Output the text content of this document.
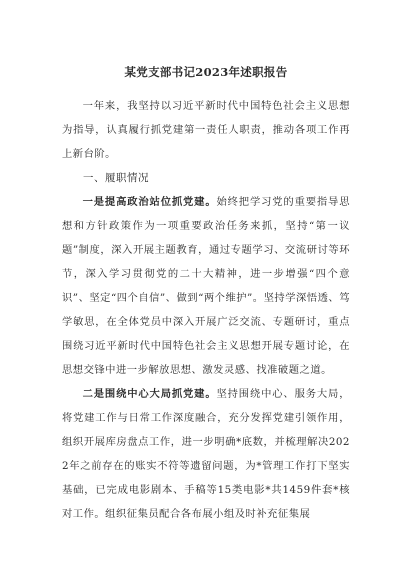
某党支部书记2023年述职报告

一年来，我坚持以习近平新时代中国特色社会主义思想为指导，认真履行抓党建第一责任人职责，推动各项工作再上新台阶。

一、履职情况

一是提高政治站位抓党建。始终把学习党的重要指导思想和方针政策作为一项重要政治任务来抓，坚持“第一议题”制度，深入开展主题教育，通过专题学习、交流研讨等环节，深入学习贯彻党的二十大精神，进一步增强“四个意识”、坚定“四个自信”、做到“两个维护”。坚持学深悟透、笃学敏思，在全体党员中深入开展广泛交流、专题研讨，重点围绕习近平新时代中国特色社会主义思想开展专题讨论，在思想交锋中进一步解放思想、激发灵感、找准破题之道。

二是围绕中心大局抓党建。坚持围绕中心、服务大局，将党建工作与日常工作深度融合，充分发挥党建引领作用，组织开展库房盘点工作，进一步明确*底数，并梳理解决2022年之前存在的账实不符等遗留问题，为*管理工作打下坚实基础，已完成电影剧本、手稿等15类电影*共1459件套*核对工作。组织征集员配合各布展小组及时补充征集展
